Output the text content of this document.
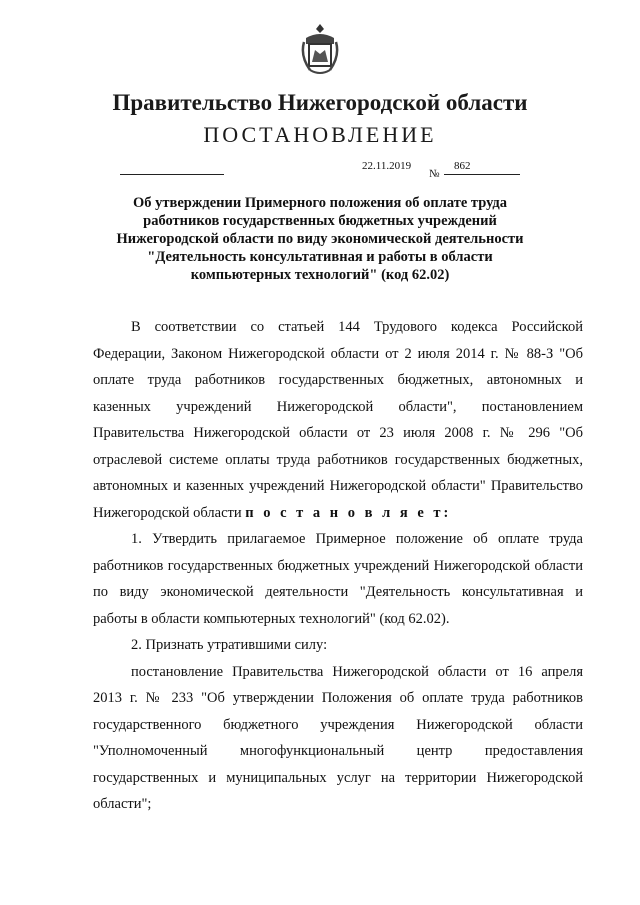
Правительство Нижегородской области
ПОСТАНОВЛЕНИЕ
22.11.2019
№
862
Об утверждении Примерного положения об оплате труда работников государственных бюджетных учреждений Нижегородской области по виду экономической деятельности "Деятельность консультативная и работы в области компьютерных технологий" (код 62.02)

В соответствии со статьей 144 Трудового кодекса Российской Федерации, Законом Нижегородской области от 2 июля 2014 г. № 88-З "Об оплате труда работников государственных бюджетных, автономных и казенных учреждений Нижегородской области", постановлением Правительства Нижегородской области от 23 июля 2008 г. № 296 "Об отраслевой системе оплаты труда работников государственных бюджетных, автономных и казенных учреждений Нижегородской области" Правительство Нижегородской области п о с т а н о в л я е т:

1. Утвердить прилагаемое Примерное положение об оплате труда работников государственных бюджетных учреждений Нижегородской области по виду экономической деятельности "Деятельность консультативная и работы в области компьютерных технологий" (код 62.02).

2. Признать утратившими силу:

постановление Правительства Нижегородской области от 16 апреля 2013 г. № 233 "Об утверждении Положения об оплате труда работников государственного бюджетного учреждения Нижегородской области "Уполномоченный многофункциональный центр предоставления государственных и муниципальных услуг на территории Нижегородской области";
